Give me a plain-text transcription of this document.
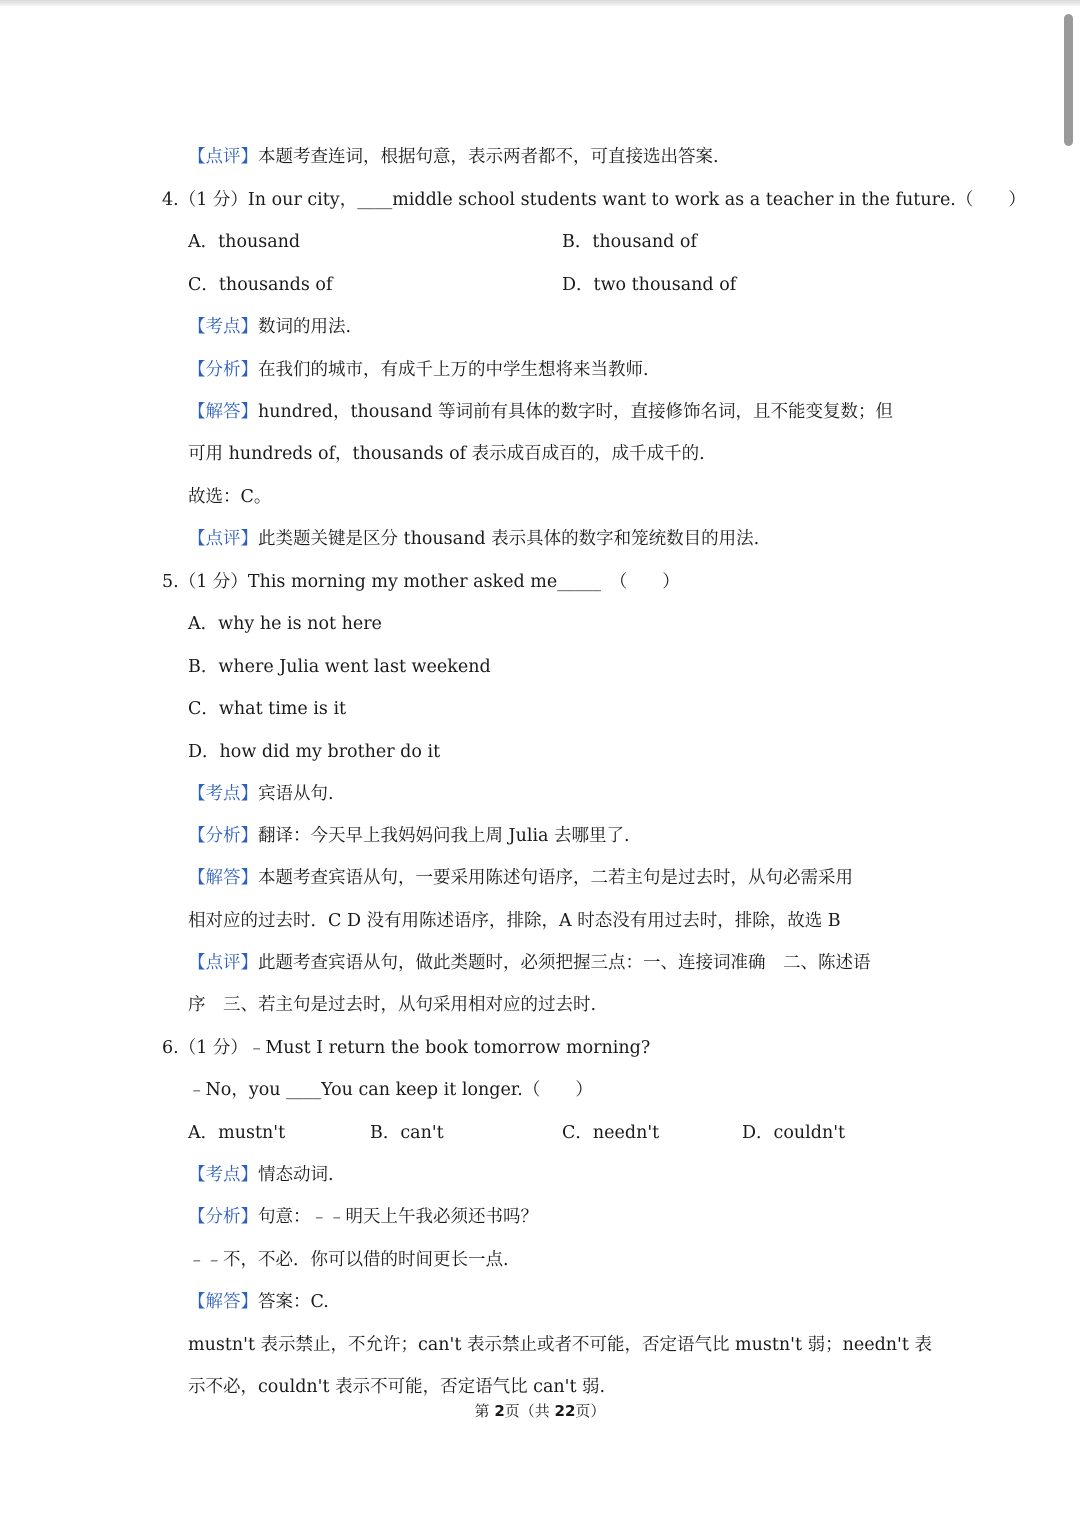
【点评】本题考查连词，根据句意，表示两者都不，可直接选出答案.
4.（1 分）In our city，____middle school students want to work as a teacher in the future.（　　）
A．thousand	B．thousand of
C．thousands of	D．two thousand of
【考点】数词的用法.
【分析】在我们的城市，有成千上万的中学生想将来当教师.
【解答】hundred，thousand 等词前有具体的数字时，直接修饰名词，且不能变复数；但
可用 hundreds of，thousands of 表示成百成百的，成千成千的.
故选：C。
【点评】此类题关键是区分 thousand 表示具体的数字和笼统数目的用法.
5.（1 分）This morning my mother asked me_____　（　　）
A．why he is not here
B．where Julia went last weekend
C．what time is it
D．how did my brother do it
【考点】宾语从句.
【分析】翻译：今天早上我妈妈问我上周 Julia 去哪里了.
【解答】本题考查宾语从句，一要采用陈述句语序，二若主句是过去时，从句必需采用
相对应的过去时．C D 没有用陈述语序，排除，A 时态没有用过去时，排除，故选 B
【点评】此题考查宾语从句，做此类题时，必须把握三点：一、连接词准确　二、陈述语
序　三、若主句是过去时，从句采用相对应的过去时.
6.（1 分）﹣Must I return the book tomorrow morning?
﹣No，you ____You can keep it longer.（　　）
A．mustn't	B．can't	C．needn't	D．couldn't
【考点】情态动词.
【分析】句意：﹣﹣明天上午我必须还书吗？
﹣﹣不，不必．你可以借的时间更长一点.
【解答】答案：C.
mustn't 表示禁止，不允许；can't 表示禁止或者不可能，否定语气比 mustn't 弱；needn't 表
示不必，couldn't 表示不可能，否定语气比 can't 弱.
第 2页（共 22页）
